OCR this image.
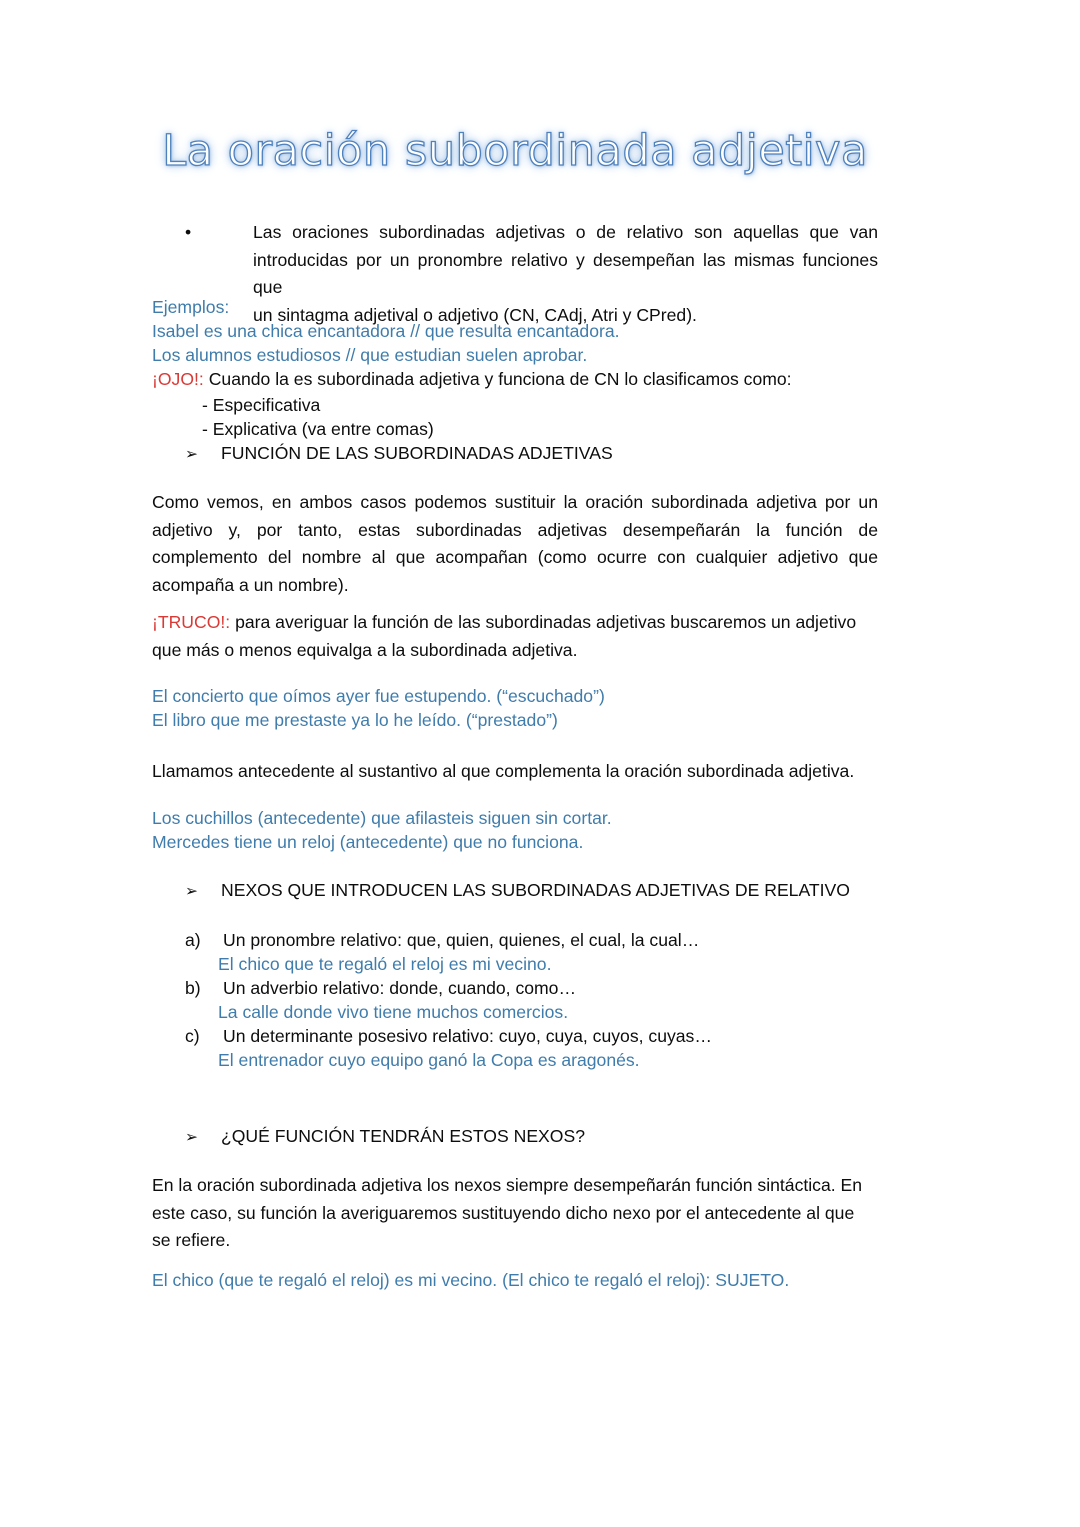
La oración subordinada adjetiva
•	Las oraciones subordinadas adjetivas o de relativo son aquellas que van
introducidas por un pronombre relativo y desempeñan las mismas funciones que
un sintagma adjetival o adjetivo (CN, CAdj, Atri y CPred).
Ejemplos:
Isabel es una chica encantadora // que resulta encantadora.
Los alumnos estudiosos // que estudian suelen aprobar.
¡OJO!: Cuando la es subordinada adjetiva y funciona de CN lo clasificamos como:
- Especificativa
- Explicativa (va entre comas)
➢ FUNCIÓN DE LAS SUBORDINADAS ADJETIVAS
Como vemos, en ambos casos podemos sustituir la oración subordinada adjetiva por un
adjetivo y, por tanto, estas subordinadas adjetivas desempeñarán la función de
complemento del nombre al que acompañan (como ocurre con cualquier adjetivo que
acompaña a un nombre).
¡TRUCO!: para averiguar la función de las subordinadas adjetivas buscaremos un adjetivo
que más o menos equivalga a la subordinada adjetiva.
El concierto que oímos ayer fue estupendo. (“escuchado”)
El libro que me prestaste ya lo he leído. (“prestado”)
Llamamos antecedente al sustantivo al que complementa la oración subordinada adjetiva.
Los cuchillos (antecedente) que afilasteis siguen sin cortar.
Mercedes tiene un reloj (antecedente) que no funciona.
➢ NEXOS QUE INTRODUCEN LAS SUBORDINADAS ADJETIVAS DE RELATIVO
a) Un pronombre relativo: que, quien, quienes, el cual, la cual…
El chico que te regaló el reloj es mi vecino.
b) Un adverbio relativo: donde, cuando, como…
La calle donde vivo tiene muchos comercios.
c) Un determinante posesivo relativo: cuyo, cuya, cuyos, cuyas…
El entrenador cuyo equipo ganó la Copa es aragonés.
➢ ¿QUÉ FUNCIÓN TENDRÁN ESTOS NEXOS?
En la oración subordinada adjetiva los nexos siempre desempeñarán función sintáctica. En
este caso, su función la averiguaremos sustituyendo dicho nexo por el antecedente al que
se refiere.
El chico (que te regaló el reloj) es mi vecino. (El chico te regaló el reloj): SUJETO.
